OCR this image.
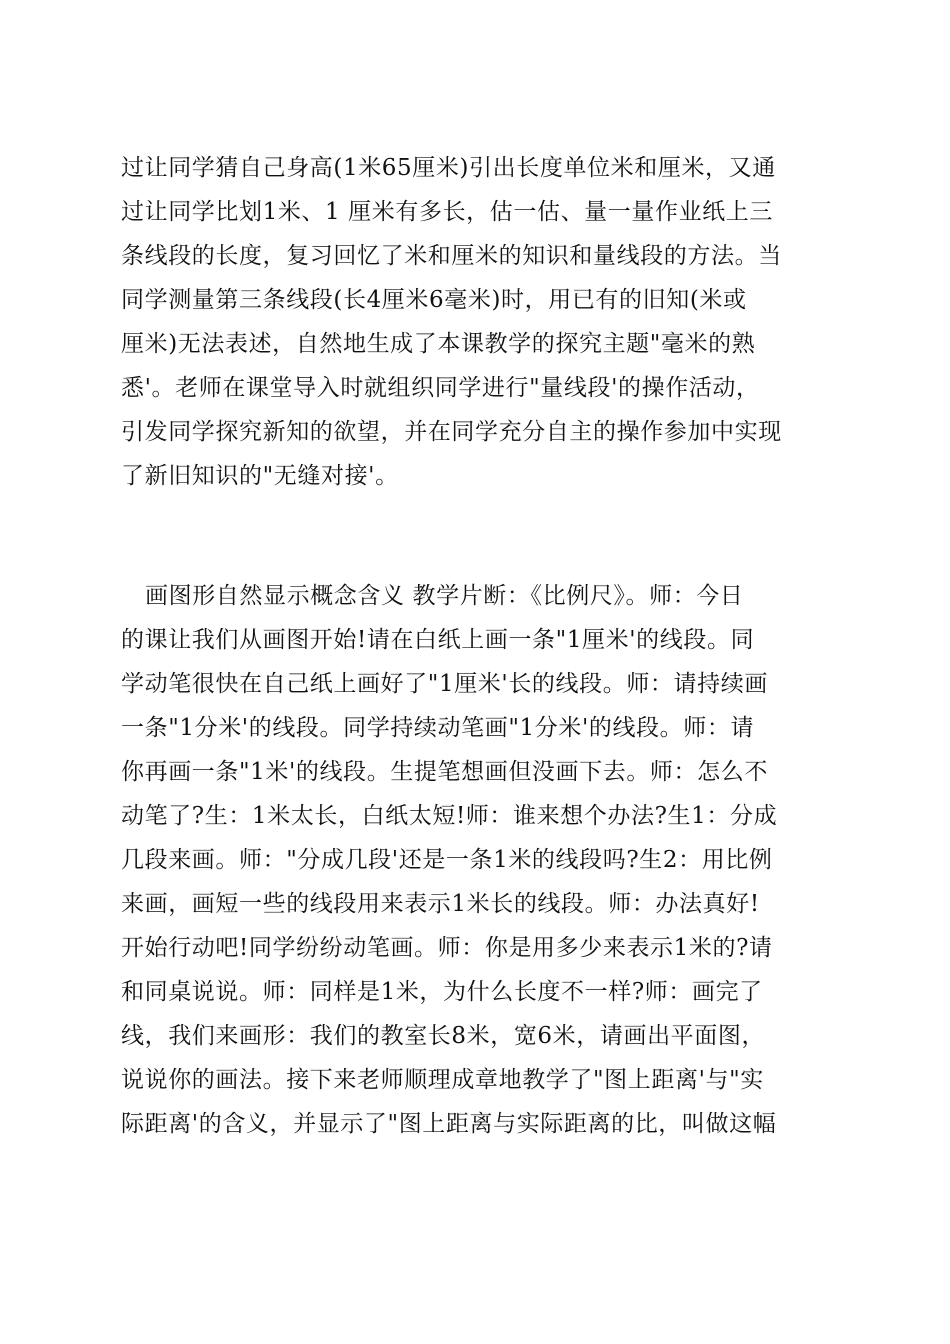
过让同学猜自己身高(1米65厘米)引出长度单位米和厘米，又通
过让同学比划1米、1 厘米有多长，估一估、量一量作业纸上三
条线段的长度，复习回忆了米和厘米的知识和量线段的方法。当
同学测量第三条线段(长4厘米6毫米)时，用已有的旧知(米或
厘米)无法表述，自然地生成了本课教学的探究主题"毫米的熟
悉'。老师在课堂导入时就组织同学进行"量线段'的操作活动，
引发同学探究新知的欲望，并在同学充分自主的操作参加中实现
了新旧知识的"无缝对接'。
画图形自然显示概念含义 教学片断：《比例尺》。师：今日
的课让我们从画图开始!请在白纸上画一条"1厘米'的线段。同
学动笔很快在自己纸上画好了"1厘米'长的线段。师：请持续画
一条"1分米'的线段。同学持续动笔画"1分米'的线段。师：请
你再画一条"1米'的线段。生提笔想画但没画下去。师：怎么不
动笔了?生：1米太长，白纸太短!师：谁来想个办法?生1：分成
几段来画。师："分成几段'还是一条1米的线段吗?生2：用比例
来画，画短一些的线段用来表示1米长的线段。师：办法真好!
开始行动吧!同学纷纷动笔画。师：你是用多少来表示1米的?请
和同桌说说。师：同样是1米，为什么长度不一样?师：画完了
线，我们来画形：我们的教室长8米，宽6米，请画出平面图，
说说你的画法。接下来老师顺理成章地教学了"图上距离'与"实
际距离'的含义，并显示了"图上距离与实际距离的比，叫做这幅
